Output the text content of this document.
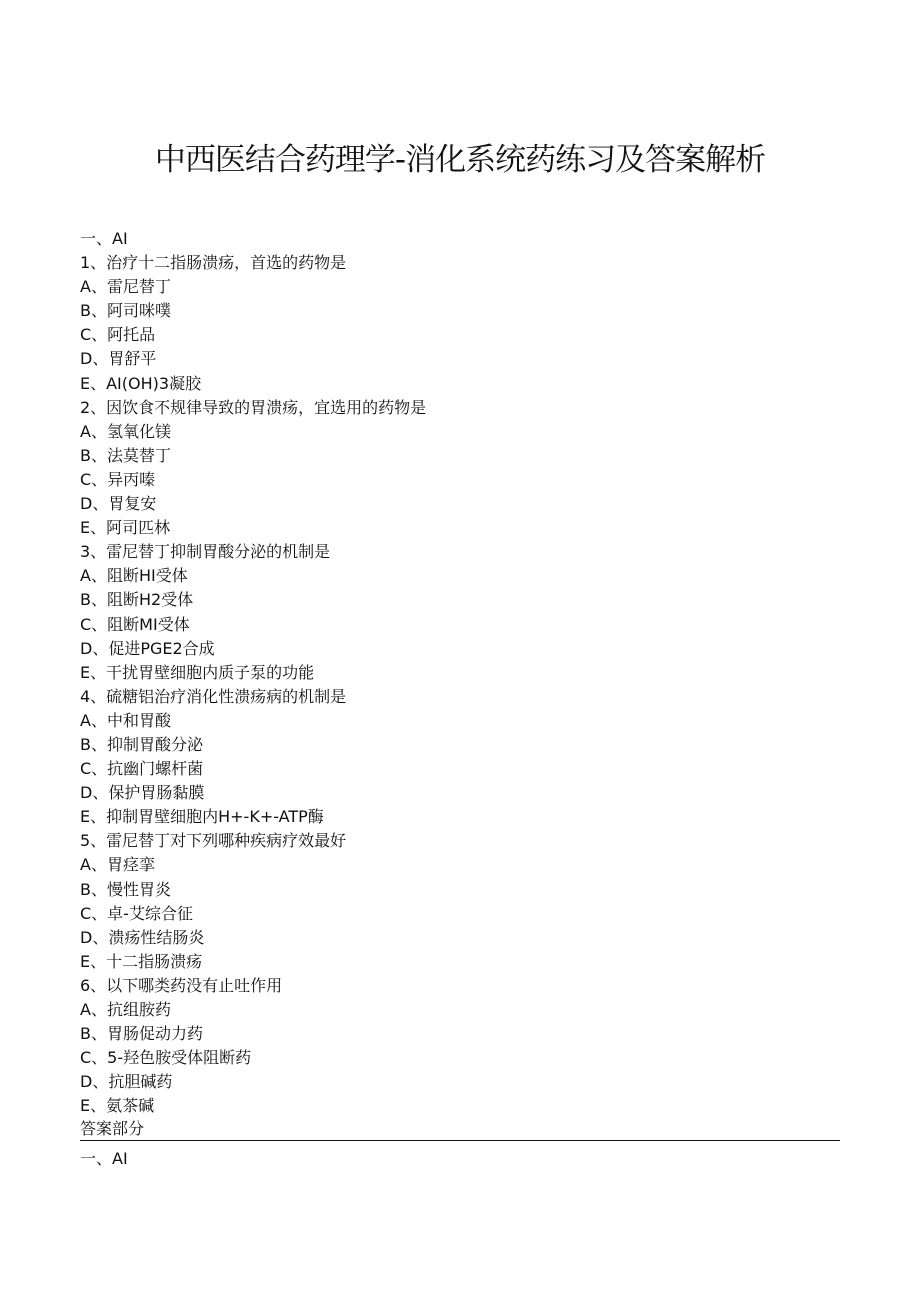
中西医结合药理学-消化系统药练习及答案解析
一、AI
1、治疗十二指肠溃疡，首选的药物是
A、雷尼替丁
B、阿司咪噗
C、阿托品
D、胃舒平
E、AI(OH)3凝胶
2、因饮食不规律导致的胃溃疡，宜选用的药物是
A、氢氧化镁
B、法莫替丁
C、异丙嗪
D、胃复安
E、阿司匹林
3、雷尼替丁抑制胃酸分泌的机制是
A、阻断HI受体
B、阻断H2受体
C、阻断MI受体
D、促进PGE2合成
E、干扰胃壁细胞内质子泵的功能
4、硫糖铝治疗消化性溃疡病的机制是
A、中和胃酸
B、抑制胃酸分泌
C、抗幽门螺杆菌
D、保护胃肠黏膜
E、抑制胃壁细胞内H+-K+-ATP酶
5、雷尼替丁对下列哪种疾病疗效最好
A、胃痉挛
B、慢性胃炎
C、卓-艾综合征
D、溃疡性结肠炎
E、十二指肠溃疡
6、以下哪类药没有止吐作用
A、抗组胺药
B、胃肠促动力药
C、5-羟色胺受体阻断药
D、抗胆碱药
E、氨茶碱
答案部分
一、AI
